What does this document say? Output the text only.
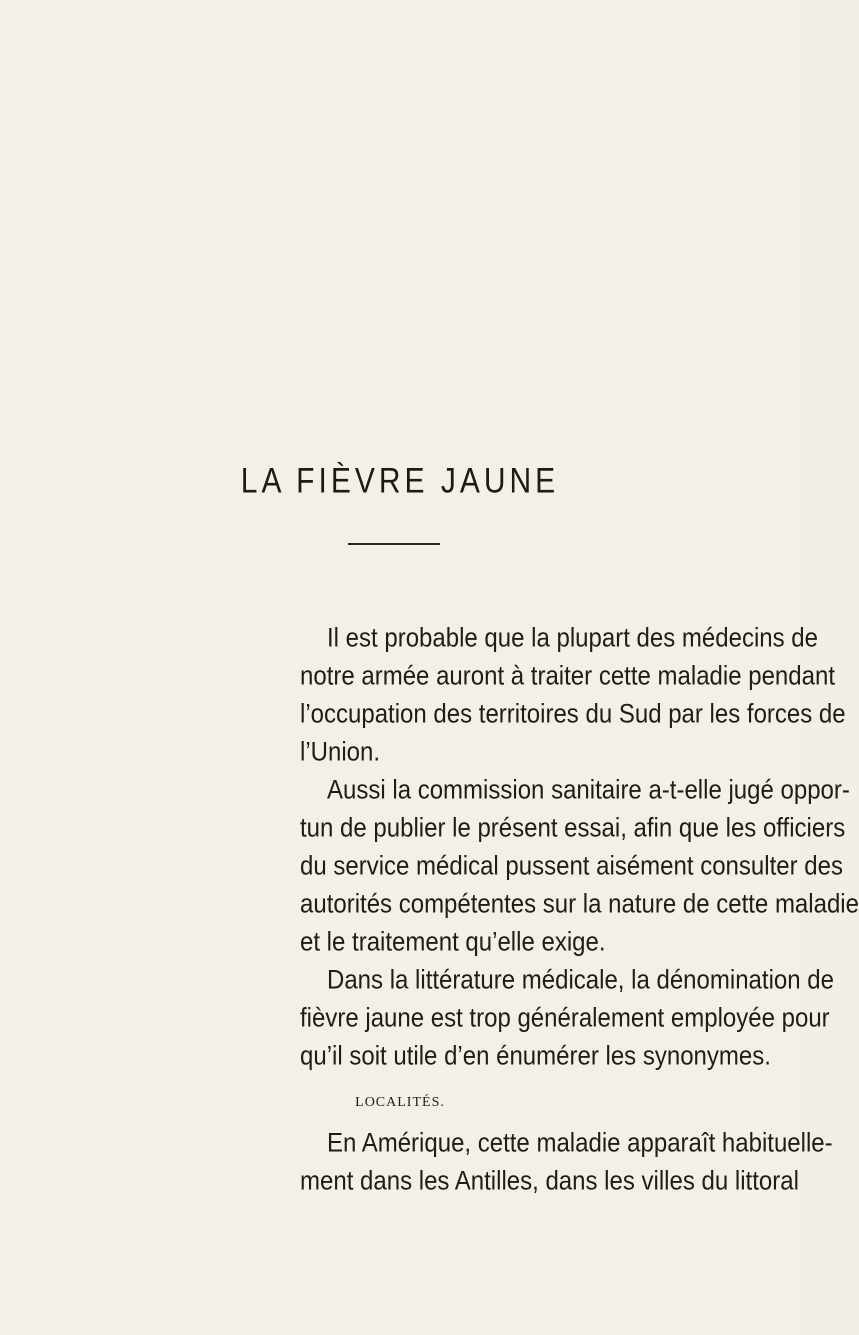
LA FIÈVRE JAUNE
Il est probable que la plupart des médecins de
notre armée auront à traiter cette maladie pendant
l’occupation des territoires du Sud par les forces de
l’Union.
Aussi la commission sanitaire a-t-elle jugé oppor-
tun de publier le présent essai, afin que les officiers
du service médical pussent aisément consulter des
autorités compétentes sur la nature de cette maladie
et le traitement qu’elle exige.
Dans la littérature médicale, la dénomination de
fièvre jaune est trop généralement employée pour
qu’il soit utile d’en énumérer les synonymes.
LOCALITÉS.
En Amérique, cette maladie apparaît habituelle-
ment dans les Antilles, dans les villes du littoral
